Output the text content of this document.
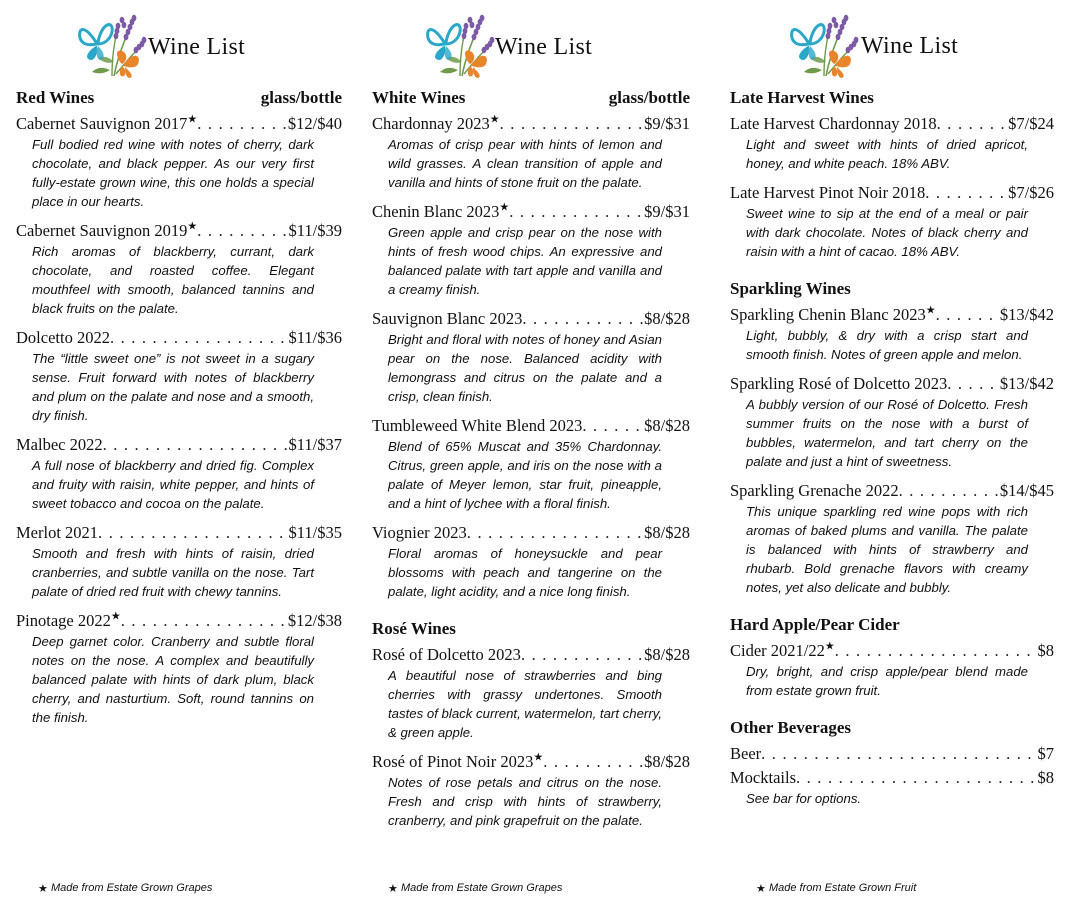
Wine List
Red Wines	glass/bottle
Cabernet Sauvignon 2017★ . . .	$12/$40
Full bodied red wine with notes of cherry, dark chocolate, and black pepper. As our very first fully-estate grown wine, this one holds a special place in our hearts.
Cabernet Sauvignon 2019★ . . .	$11/$39
Rich aromas of blackberry, currant, dark chocolate, and roasted coffee. Elegant mouthfeel with smooth, balanced tannins and black fruits on the palate.
Dolcetto 2022 . . .	$11/$36
The “little sweet one” is not sweet in a sugary sense. Fruit forward with notes of blackberry and plum on the palate and nose and a smooth, dry finish.
Malbec 2022 . . .	$11/$37
A full nose of blackberry and dried fig. Complex and fruity with raisin, white pepper, and hints of sweet tobacco and cocoa on the palate.
Merlot 2021 . . .	$11/$35
Smooth and fresh with hints of raisin, dried cranberries, and subtle vanilla on the nose. Tart palate of dried red fruit with chewy tannins.
Pinotage 2022★ . . .	$12/$38
Deep garnet color. Cranberry and subtle floral notes on the nose. A complex and beautifully balanced palate with hints of dark plum, black cherry, and nasturtium. Soft, round tannins on the finish.
Wine List
White Wines	glass/bottle
Chardonnay 2023★ . . .	$9/$31
Aromas of crisp pear with hints of lemon and wild grasses. A clean transition of apple and vanilla and hints of stone fruit on the palate.
Chenin Blanc 2023★ . . .	$9/$31
Green apple and crisp pear on the nose with hints of fresh wood chips. An expressive and balanced palate with tart apple and vanilla and a creamy finish.
Sauvignon Blanc 2023 . . .	$8/$28
Bright and floral with notes of honey and Asian pear on the nose. Balanced acidity with lemongrass and citrus on the palate and a crisp, clean finish.
Tumbleweed White Blend 2023 . . .	$8/$28
Blend of 65% Muscat and 35% Chardonnay. Citrus, green apple, and iris on the nose with a palate of Meyer lemon, star fruit, pineapple, and a hint of lychee with a floral finish.
Viognier 2023 . . .	$8/$28
Floral aromas of honeysuckle and pear blossoms with peach and tangerine on the palate, light acidity, and a nice long finish.
Rosé Wines
Rosé of Dolcetto 2023 . . .	$8/$28
A beautiful nose of strawberries and bing cherries with grassy undertones. Smooth tastes of black current, watermelon, tart cherry, & green apple.
Rosé of Pinot Noir 2023★ . . .	$8/$28
Notes of rose petals and citrus on the nose. Fresh and crisp with hints of strawberry, cranberry, and pink grapefruit on the palate.
Wine List
Late Harvest Wines
Late Harvest Chardonnay 2018 . . .	$7/$24
Light and sweet with hints of dried apricot, honey, and white peach. 18% ABV.
Late Harvest Pinot Noir 2018 . . .	$7/$26
Sweet wine to sip at the end of a meal or pair with dark chocolate. Notes of black cherry and raisin with a hint of cacao. 18% ABV.
Sparkling Wines
Sparkling Chenin Blanc 2023★ . . .	$13/$42
Light, bubbly, & dry with a crisp start and smooth finish. Notes of green apple and melon.
Sparkling Rosé of Dolcetto 2023 . . .	$13/$42
A bubbly version of our Rosé of Dolcetto. Fresh summer fruits on the nose with a burst of bubbles, watermelon, and tart cherry on the palate and just a hint of sweetness.
Sparkling Grenache 2022 . . .	$14/$45
This unique sparkling red wine pops with rich aromas of baked plums and vanilla. The palate is balanced with hints of strawberry and rhubarb. Bold grenache flavors with creamy notes, yet also delicate and bubbly.
Hard Apple/Pear Cider
Cider 2021/22★ . . .	$8
Dry, bright, and crisp apple/pear blend made from estate grown fruit.
Other Beverages
Beer . . .	$7
Mocktails . . .	$8
See bar for options.
★ Made from Estate Grown Grapes	★ Made from Estate Grown Grapes	★ Made from Estate Grown Fruit
